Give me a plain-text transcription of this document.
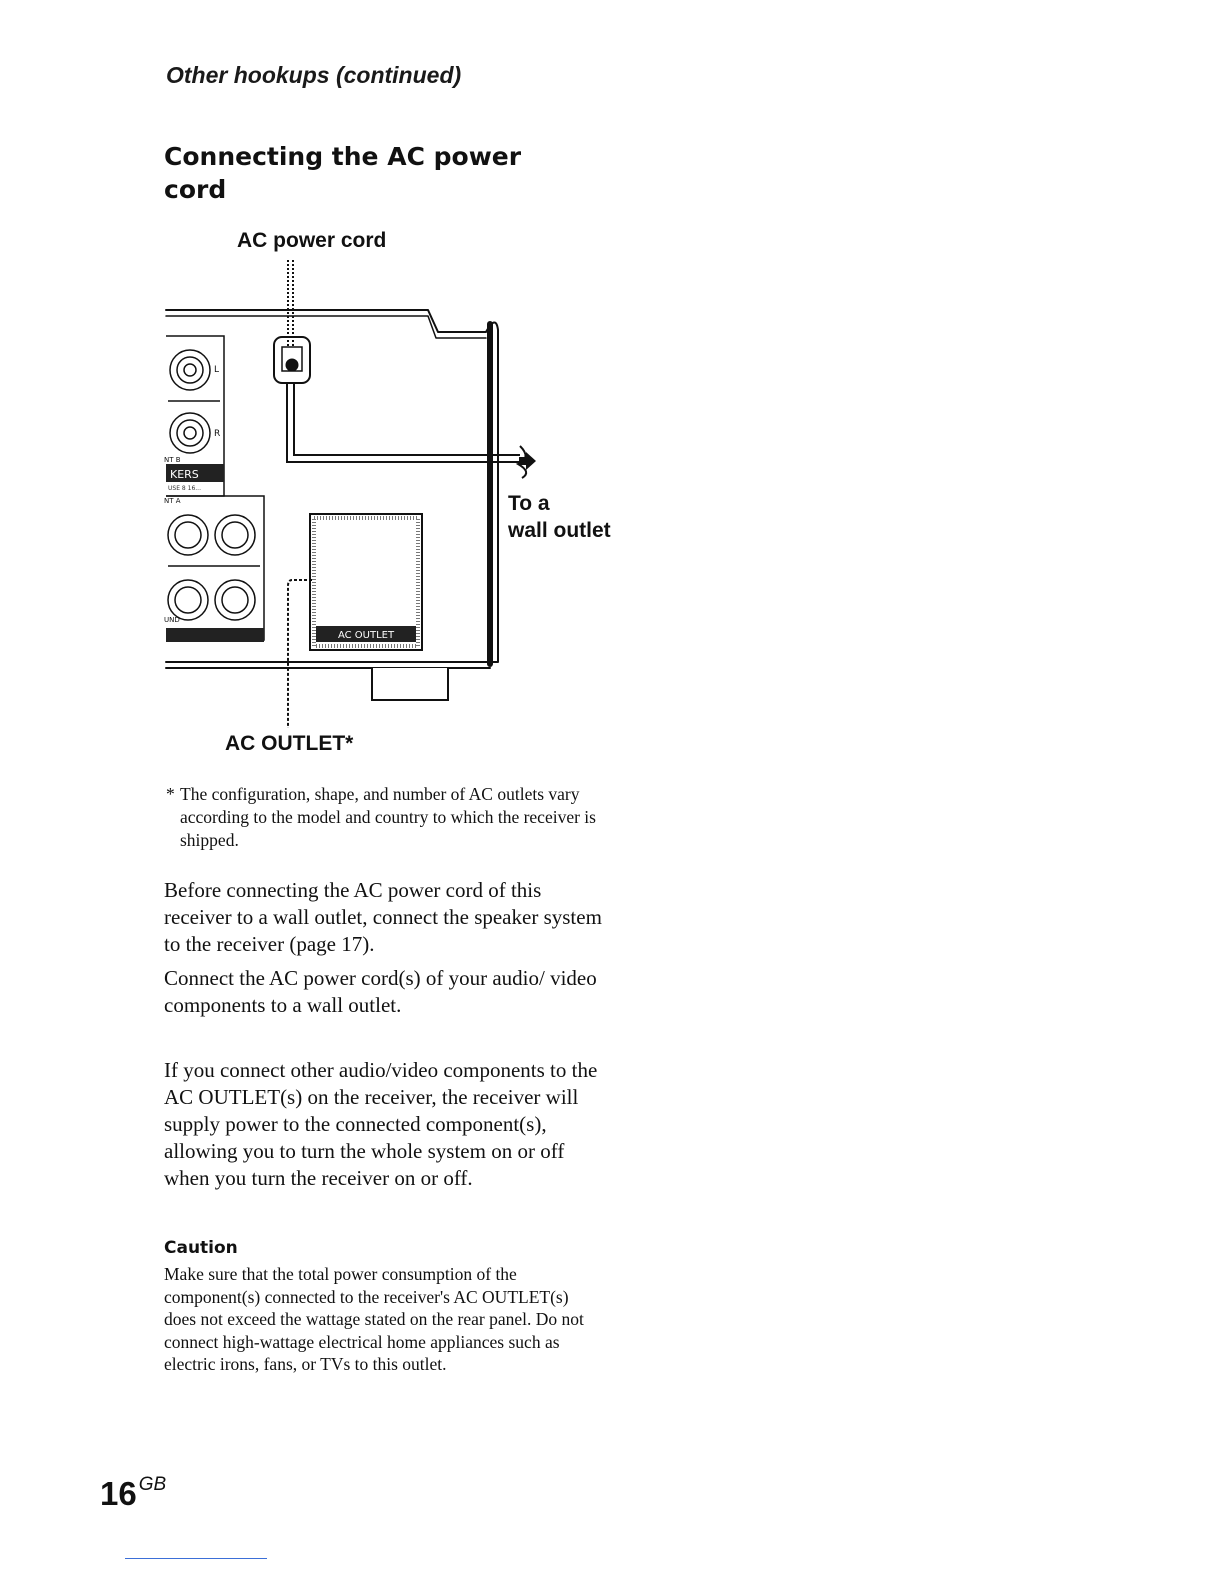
Other hookups (continued)
Connecting the AC power cord
AC power cord
KERS
USE 8 16...
L
R
NT B
NT A
UND
AC OUTLET
To a
wall outlet
AC OUTLET*
* The configuration, shape, and number of AC outlets vary according to the model and country to which the receiver is shipped.

Before connecting the AC power cord of this receiver to a wall outlet, connect the speaker system to the receiver (page 17).

Connect the AC power cord(s) of your audio/ video components to a wall outlet.

If you connect other audio/video components to the AC OUTLET(s) on the receiver, the receiver will supply power to the connected component(s), allowing you to turn the whole system on or off when you turn the receiver on or off.

Caution

Make sure that the total power consumption of the component(s) connected to the receiver's AC OUTLET(s) does not exceed the wattage stated on the rear panel. Do not connect high-wattage electrical home appliances such as electric irons, fans, or TVs to this outlet.

16 $^{GB}$
